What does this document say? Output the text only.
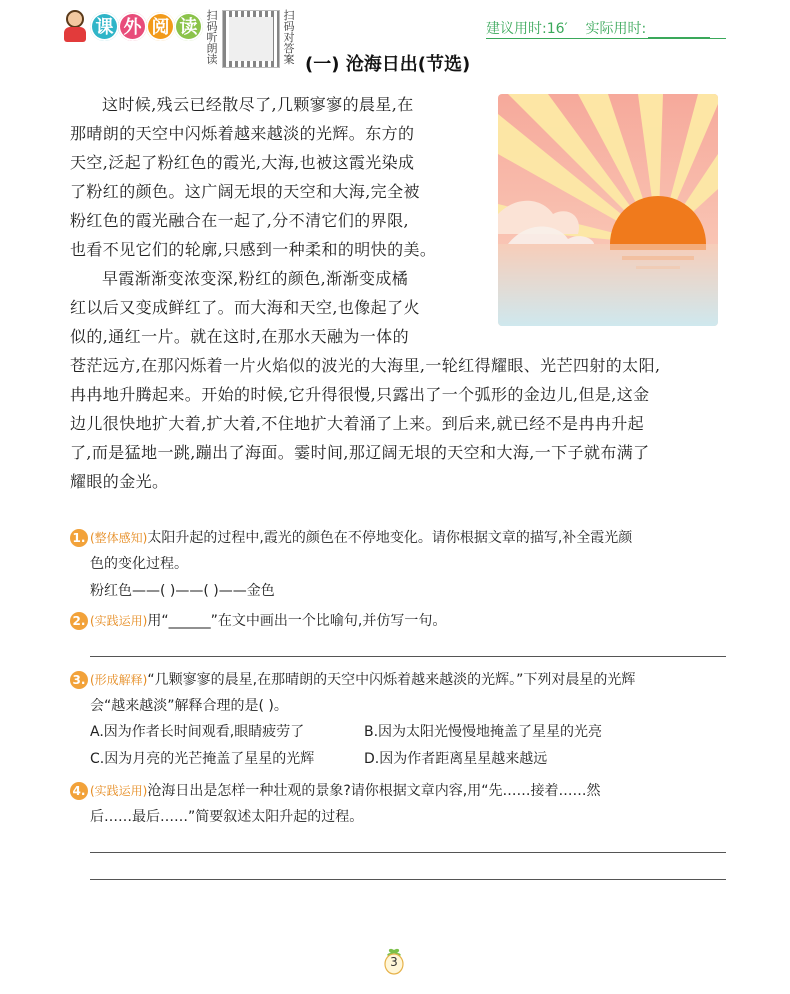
课 外 阅 读
扫码听朗读
扫码对答案
建议用时:16′ 实际用时:
(一) 沧海日出(节选)
这时候,残云已经散尽了,几颗寥寥的晨星,在
那晴朗的天空中闪烁着越来越淡的光辉。东方的
天空,泛起了粉红色的霞光,大海,也被这霞光染成
了粉红的颜色。这广阔无垠的天空和大海,完全被
粉红色的霞光融合在一起了,分不清它们的界限,
也看不见它们的轮廓,只感到一种柔和的明快的美。
早霞渐渐变浓变深,粉红的颜色,渐渐变成橘
红以后又变成鲜红了。而大海和天空,也像起了火
似的,通红一片。就在这时,在那水天融为一体的
苍茫远方,在那闪烁着一片火焰似的波光的大海里,一轮红得耀眼、光芒四射的太阳,
冉冉地升腾起来。开始的时候,它升得很慢,只露出了一个弧形的金边儿,但是,这金
边儿很快地扩大着,扩大着,不住地扩大着涌了上来。到后来,就已经不是冉冉升起
了,而是猛地一跳,蹦出了海面。霎时间,那辽阔无垠的天空和大海,一下子就布满了
耀眼的金光。
1. (整体感知)太阳升起的过程中,霞光的颜色在不停地变化。请你根据文章的描写,补全霞光颜
色的变化过程。
粉红色——( )——( )——金色
2. (实践运用)用“______”在文中画出一个比喻句,并仿写一句。
3. (形成解释)“几颗寥寥的晨星,在那晴朗的天空中闪烁着越来越淡的光辉。”下列对晨星的光辉
会“越来越淡”解释合理的是( )。
A.因为作者长时间观看,眼睛疲劳了	B.因为太阳光慢慢地掩盖了星星的光亮
C.因为月亮的光芒掩盖了星星的光辉	D.因为作者距离星星越来越远
4. (实践运用)沧海日出是怎样一种壮观的景象?请你根据文章内容,用“先……接着……然
后……最后……”简要叙述太阳升起的过程。
3
